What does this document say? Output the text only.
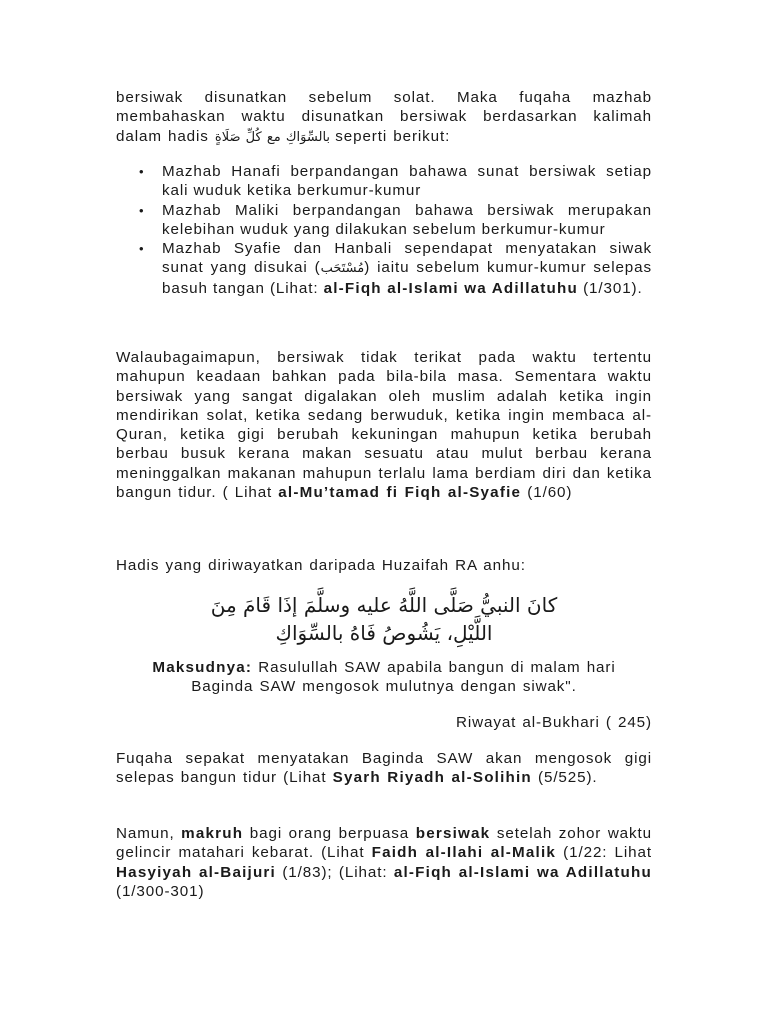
bersiwak disunatkan sebelum solat. Maka fuqaha mazhab membahaskan waktu disunatkan bersiwak berdasarkan kalimah dalam hadis بالسِّوَاكِ مع كُلِّ صَلَاةٍ seperti berikut:

• Mazhab Hanafi berpandangan bahawa sunat bersiwak setiap kali wuduk ketika berkumur-kumur
• Mazhab Maliki berpandangan bahawa bersiwak merupakan kelebihan wuduk yang dilakukan sebelum berkumur-kumur
• Mazhab Syafie dan Hanbali sependapat menyatakan siwak sunat yang disukai (مُسْتَحَب) iaitu sebelum kumur-kumur selepas basuh tangan (Lihat: al-Fiqh al-Islami wa Adillatuhu (1/301).

Walaubagaimapun, bersiwak tidak terikat pada waktu tertentu mahupun keadaan bahkan pada bila-bila masa. Sementara waktu bersiwak yang sangat digalakan oleh muslim adalah ketika ingin mendirikan solat, ketika sedang berwuduk, ketika ingin membaca al-Quran, ketika gigi berubah kekuningan mahupun ketika berubah berbau busuk kerana makan sesuatu atau mulut berbau kerana meninggalkan makanan mahupun terlalu lama berdiam diri dan ketika bangun tidur. ( Lihat al-Mu’tamad fi Fiqh al-Syafie (1/60)

Hadis yang diriwayatkan daripada Huzaifah RA anhu:

كانَ النبيُّ صَلَّى اللَّهُ عليه وسلَّمَ إذَا قَامَ مِنَ
اللَّيْلِ، يَشُوصُ فَاهُ بالسِّوَاكِ

Maksudnya: Rasulullah SAW apabila bangun di malam hari

Baginda SAW mengosok mulutnya dengan siwak".

Riwayat al-Bukhari ( 245)

Fuqaha sepakat menyatakan Baginda SAW akan mengosok gigi selepas bangun tidur (Lihat Syarh Riyadh al-Solihin (5/525).

Namun, makruh bagi orang berpuasa bersiwak setelah zohor waktu gelincir matahari kebarat. (Lihat Faidh al-Ilahi al-Malik (1/22: Lihat Hasyiyah al-Baijuri (1/83); (Lihat: al-Fiqh al-Islami wa Adillatuhu (1/300-301)
